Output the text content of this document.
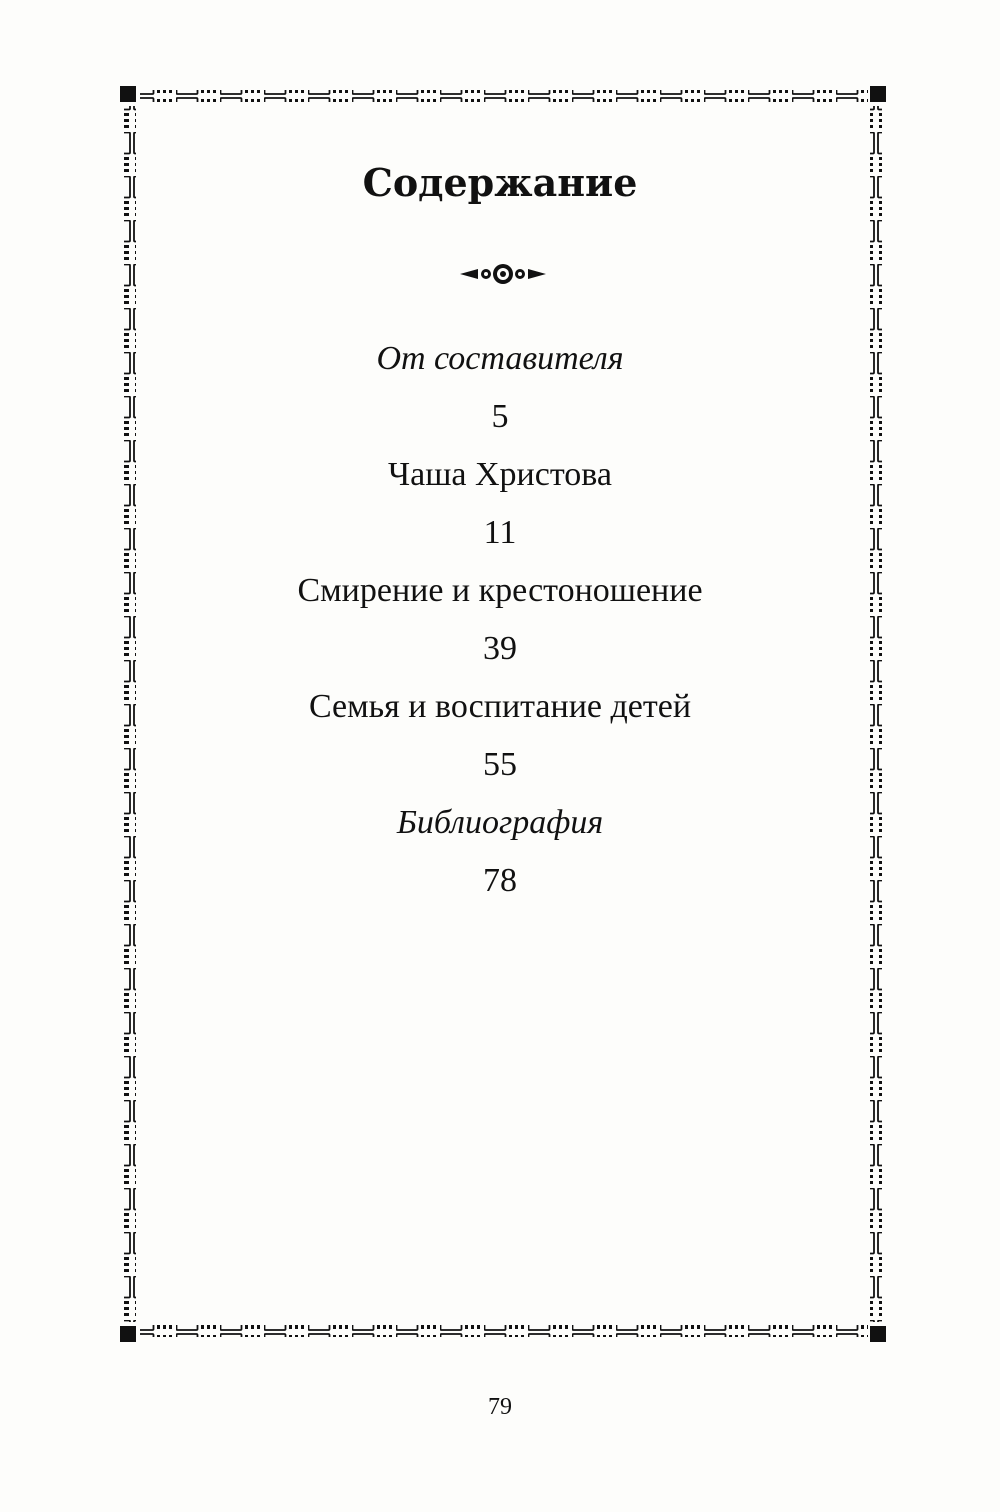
Содержание
От составителя
5
Чаша Христова
11
Смирение и крестоношение
39
Семья и воспитание детей
55
Библиография
78
79
